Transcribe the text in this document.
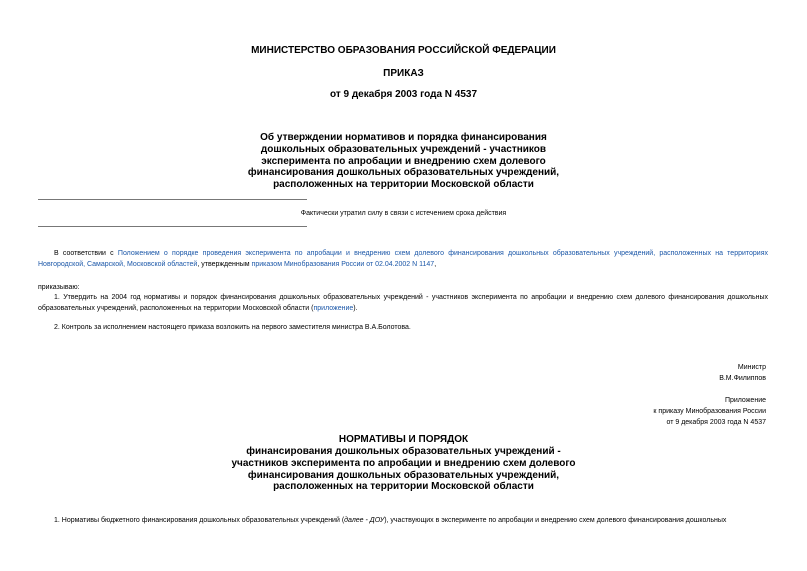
МИНИСТЕРСТВО ОБРАЗОВАНИЯ РОССИЙСКОЙ ФЕДЕРАЦИИ
ПРИКАЗ
от 9 декабря 2003 года N 4537
Об утверждении нормативов и порядка финансирования
дошкольных образовательных учреждений - участников
эксперимента по апробации и внедрению схем долевого
финансирования дошкольных образовательных учреждений,
расположенных на территории Московской области
Фактически утратил силу в связи с истечением срока действия
В соответствии с Положением о порядке проведения эксперимента по апробации и внедрению схем долевого финансирования дошкольных образовательных учреждений, расположенных на территориях Новгородской, Самарской, Московской областей, утвержденным приказом Минобразования России от 02.04.2002 N 1147,
приказываю:
1. Утвердить на 2004 год нормативы и порядок финансирования дошкольных образовательных учреждений - участников эксперимента по апробации и внедрению схем долевого финансирования дошкольных образовательных учреждений, расположенных на территории Московской области (приложение).
2. Контроль за исполнением настоящего приказа возложить на первого заместителя министра В.А.Болотова.
Министр
В.М.Филиппов
Приложение
к приказу Минобразования России
от 9 декабря 2003 года N 4537
НОРМАТИВЫ И ПОРЯДОК
финансирования дошкольных образовательных учреждений -
участников эксперимента по апробации и внедрению схем долевого
финансирования дошкольных образовательных учреждений,
расположенных на территории Московской области
1. Нормативы бюджетного финансирования дошкольных образовательных учреждений (далее - ДОУ), участвующих в эксперименте по апробации и внедрению схем долевого финансирования дошкольных
